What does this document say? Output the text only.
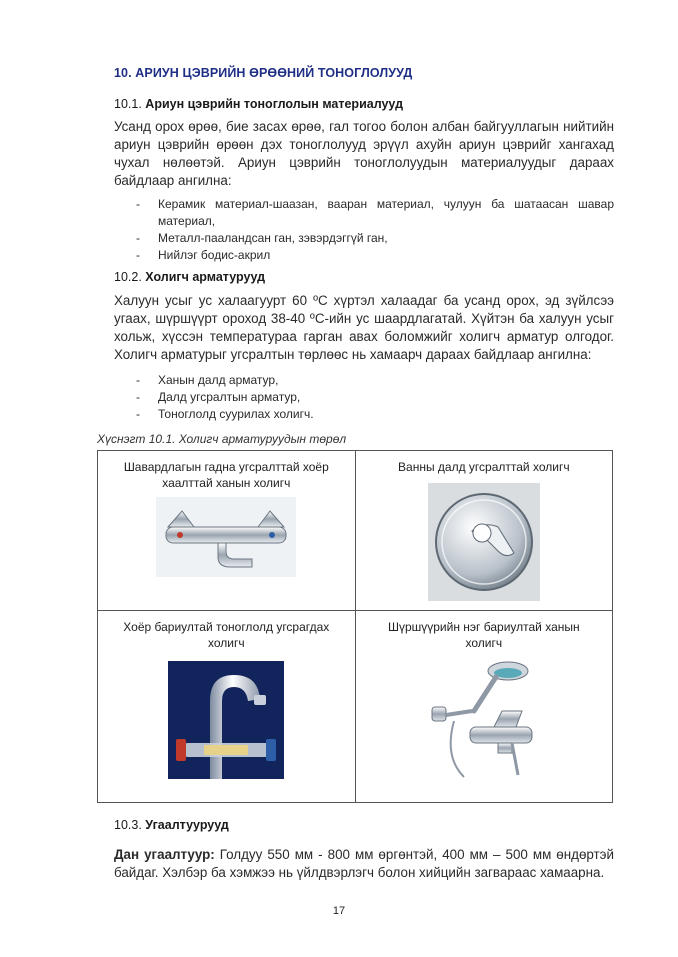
10. АРИУН ЦЭВРИЙН ӨРӨӨНИЙ ТОНОГЛОЛУУД
10.1. Ариун цэврийн тоноглолын материалууд
Усанд орох өрөө, бие засах өрөө, гал тогоо болон албан байгууллагын нийтийн ариун цэврийн өрөөн дэх тоноглолууд эрүүл ахуйн ариун цэврийг хангахад чухал нөлөөтэй. Ариун цэврийн тоноглолуудын материалуудыг дараах байдлаар ангилна:
- Керамик материал-шаазан, ваaран материал, чулуун ба шатаасан шавар материал,
- Металл-пааландсан ган, зэвэрдэггүй ган,
- Нийлэг бодис-акрил
10.2. Холигч арматурууд
Халуун усыг ус халаагуурт 60 ºC хүртэл халаадаг ба усанд орох, эд зүйлсээ угаах, шүршүүрт ороход 38-40 ºC-ийн ус шаардлагатай. Хүйтэн ба халуун усыг хольж, хүссэн температураа гарган авах боломжийг холигч арматур олгодог. Холигч арматурыг угсралтын төрлөөс нь хамаарч дараах байдлаар ангилна:
- Ханын далд арматур,
- Далд угсралтын арматур,
- Тоноглолд суурилах холигч.
Хүснэгт 10.1. Холигч арматуруудын төрөл
Шавардлагын гадна угсралттай хоёр хаалттай ханын холигч	Ванны далд угсралттай холигч

Хоёр бариултай тоноглолд угсрагдах холигч	Шүршүүрийн нэг бариултай ханын холигч
10.3. Угаалтуурууд
Дан угаалтуур: Голдуу 550 мм - 800 мм өргөнтэй, 400 мм – 500 мм өндөртэй байдаг. Хэлбэр ба хэмжээ нь үйлдвэрлэгч болон хийцийн загвараас хамаарна.
17
